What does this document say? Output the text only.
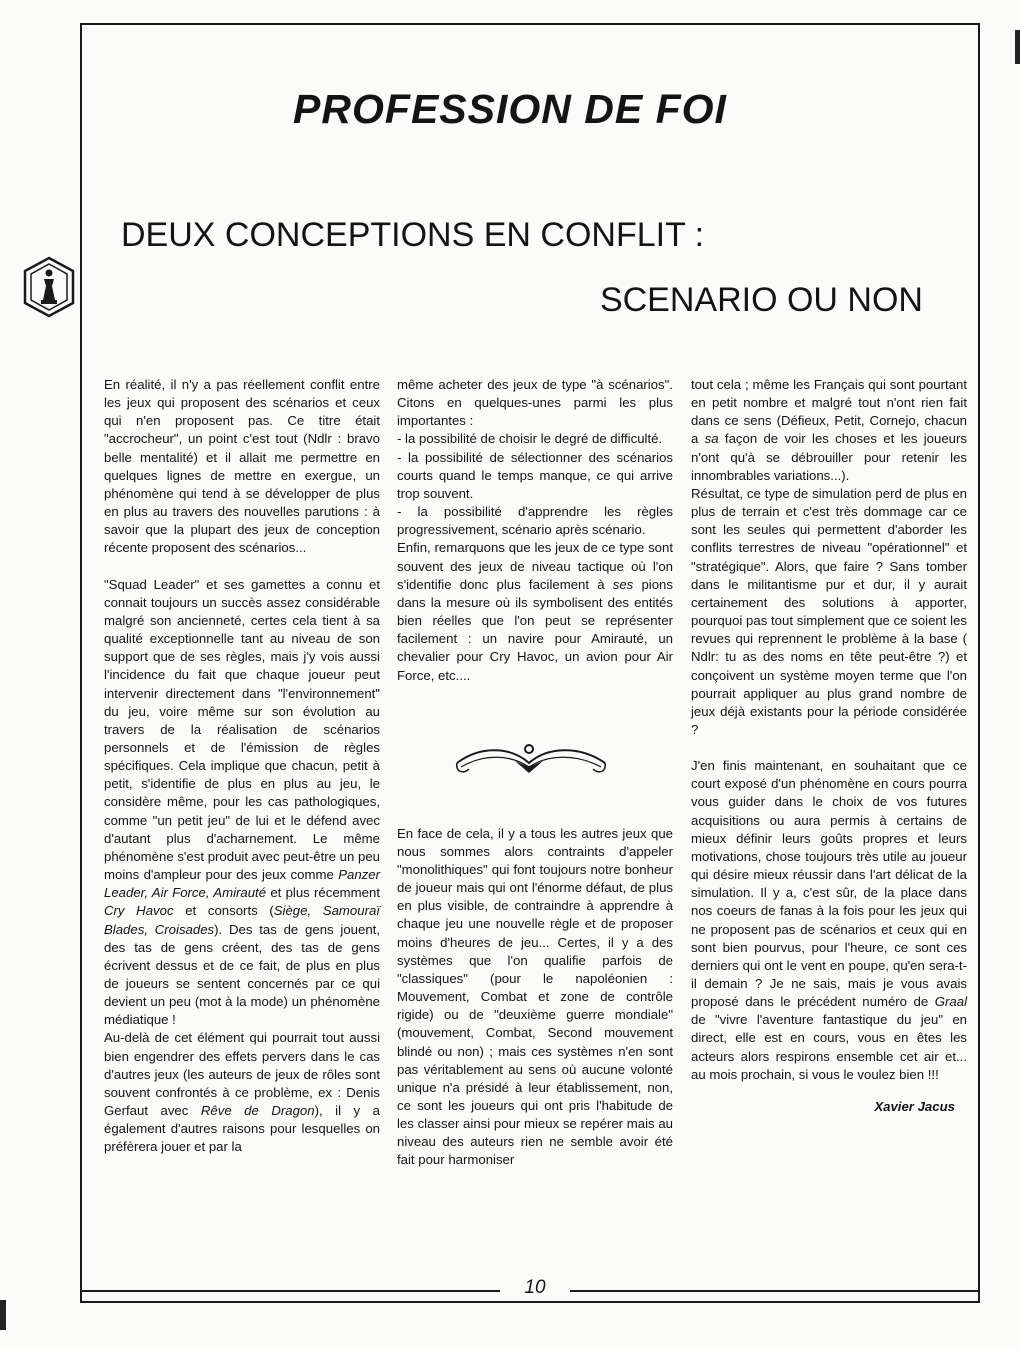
PROFESSION DE FOI
DEUX CONCEPTIONS EN CONFLIT :
SCENARIO OU NON

En réalité, il n'y a pas réellement conflit entre les jeux qui proposent des scénarios et ceux qui n'en proposent pas. Ce titre était "accrocheur", un point c'est tout (Ndlr : bravo belle mentalité) et il allait me permettre en quelques lignes de mettre en exergue, un phénomène qui tend à se développer de plus en plus au travers des nouvelles parutions : à savoir que la plupart des jeux de conception récente proposent des scénarios...

"Squad Leader" et ses gamettes a connu et connait toujours un succès assez considérable malgré son ancienneté, certes cela tient à sa qualité exceptionnelle tant au niveau de son support que de ses règles, mais j'y vois aussi l'incidence du fait que chaque joueur peut intervenir directement dans "l'environnement" du jeu, voire même sur son évolution au travers de la réalisation de scénarios personnels et de l'émission de règles spécifiques. Cela implique que chacun, petit à petit, s'identifie de plus en plus au jeu, le considère même, pour les cas pathologiques, comme "un petit jeu" de lui et le défend avec d'autant plus d'acharnement. Le même phénomène s'est produit avec peut-être un peu moins d'ampleur pour des jeux comme Panzer Leader, Air Force, Amirauté et plus récemment Cry Havoc et consorts (Siège, Samouraï Blades, Croisades). Des tas de gens jouent, des tas de gens créent, des tas de gens écrivent dessus et de ce fait, de plus en plus de joueurs se sentent concernés par ce qui devient un peu (mot à la mode) un phénomène médiatique !

Au-delà de cet élément qui pourrait tout aussi bien engendrer des effets pervers dans le cas d'autres jeux (les auteurs de jeux de rôles sont souvent confrontés à ce problème, ex : Denis Gerfaut avec Rêve de Dragon), il y a également d'autres raisons pour lesquelles on préfèrera jouer et par la

même acheter des jeux de type "à scénarios". Citons en quelques-unes parmi les plus importantes :

- la possibilité de choisir le degré de difficulté.

- la possibilité de sélectionner des scénarios courts quand le temps manque, ce qui arrive trop souvent.

- la possibilité d'apprendre les règles progressivement, scénario après scénario.

Enfin, remarquons que les jeux de ce type sont souvent des jeux de niveau tactique où l'on s'identifie donc plus facilement à ses pions dans la mesure où ils symbolisent des entités bien réelles que l'on peut se représenter facilement : un navire pour Amirauté, un chevalier pour Cry Havoc, un avion pour Air Force, etc....

En face de cela, il y a tous les autres jeux que nous sommes alors contraints d'appeler "monolithiques" qui font toujours notre bonheur de joueur mais qui ont l'énorme défaut, de plus en plus visible, de contraindre à apprendre à chaque jeu une nouvelle règle et de proposer moins d'heures de jeu... Certes, il y a des systèmes que l'on qualifie parfois de "classiques" (pour le napoléonien : Mouvement, Combat et zone de contrôle rigide) ou de "deuxième guerre mondiale" (mouvement, Combat, Second mouvement blindé ou non) ; mais ces systèmes n'en sont pas véritablement au sens où aucune volonté unique n'a présidé à leur établissement, non, ce sont les joueurs qui ont pris l'habitude de les classer ainsi pour mieux se repérer mais au niveau des auteurs rien ne semble avoir été fait pour harmoniser

tout cela ; même les Français qui sont pourtant en petit nombre et malgré tout n'ont rien fait dans ce sens (Défieux, Petit, Cornejo, chacun a sa façon de voir les choses et les joueurs n'ont qu'à se débrouiller pour retenir les innombrables variations...).

Résultat, ce type de simulation perd de plus en plus de terrain et c'est très dommage car ce sont les seules qui permettent d'aborder les conflits terrestres de niveau "opérationnel" et "stratégique". Alors, que faire ? Sans tomber dans le militantisme pur et dur, il y aurait certainement des solutions à apporter, pourquoi pas tout simplement que ce soient les revues qui reprennent le problème à la base ( Ndlr: tu as des noms en tête peut-être ?) et conçoivent un système moyen terme que l'on pourrait appliquer au plus grand nombre de jeux déjà existants pour la période considérée ?

J'en finis maintenant, en souhaitant que ce court exposé d'un phénomène en cours pourra vous guider dans le choix de vos futures acquisitions ou aura permis à certains de mieux définir leurs goûts propres et leurs motivations, chose toujours très utile au joueur qui désire mieux réussir dans l'art délicat de la simulation. Il y a, c'est sûr, de la place dans nos coeurs de fanas à la fois pour les jeux qui ne proposent pas de scénarios et ceux qui en sont bien pourvus, pour l'heure, ce sont ces derniers qui ont le vent en poupe, qu'en sera-t-il demain ? Je ne sais, mais je vous avais proposé dans le précédent numéro de Graal de "vivre l'aventure fantastique du jeu" en direct, elle est en cours, vous en êtes les acteurs alors respirons ensemble cet air et... au mois prochain, si vous le voulez bien !!!

Xavier Jacus

10
